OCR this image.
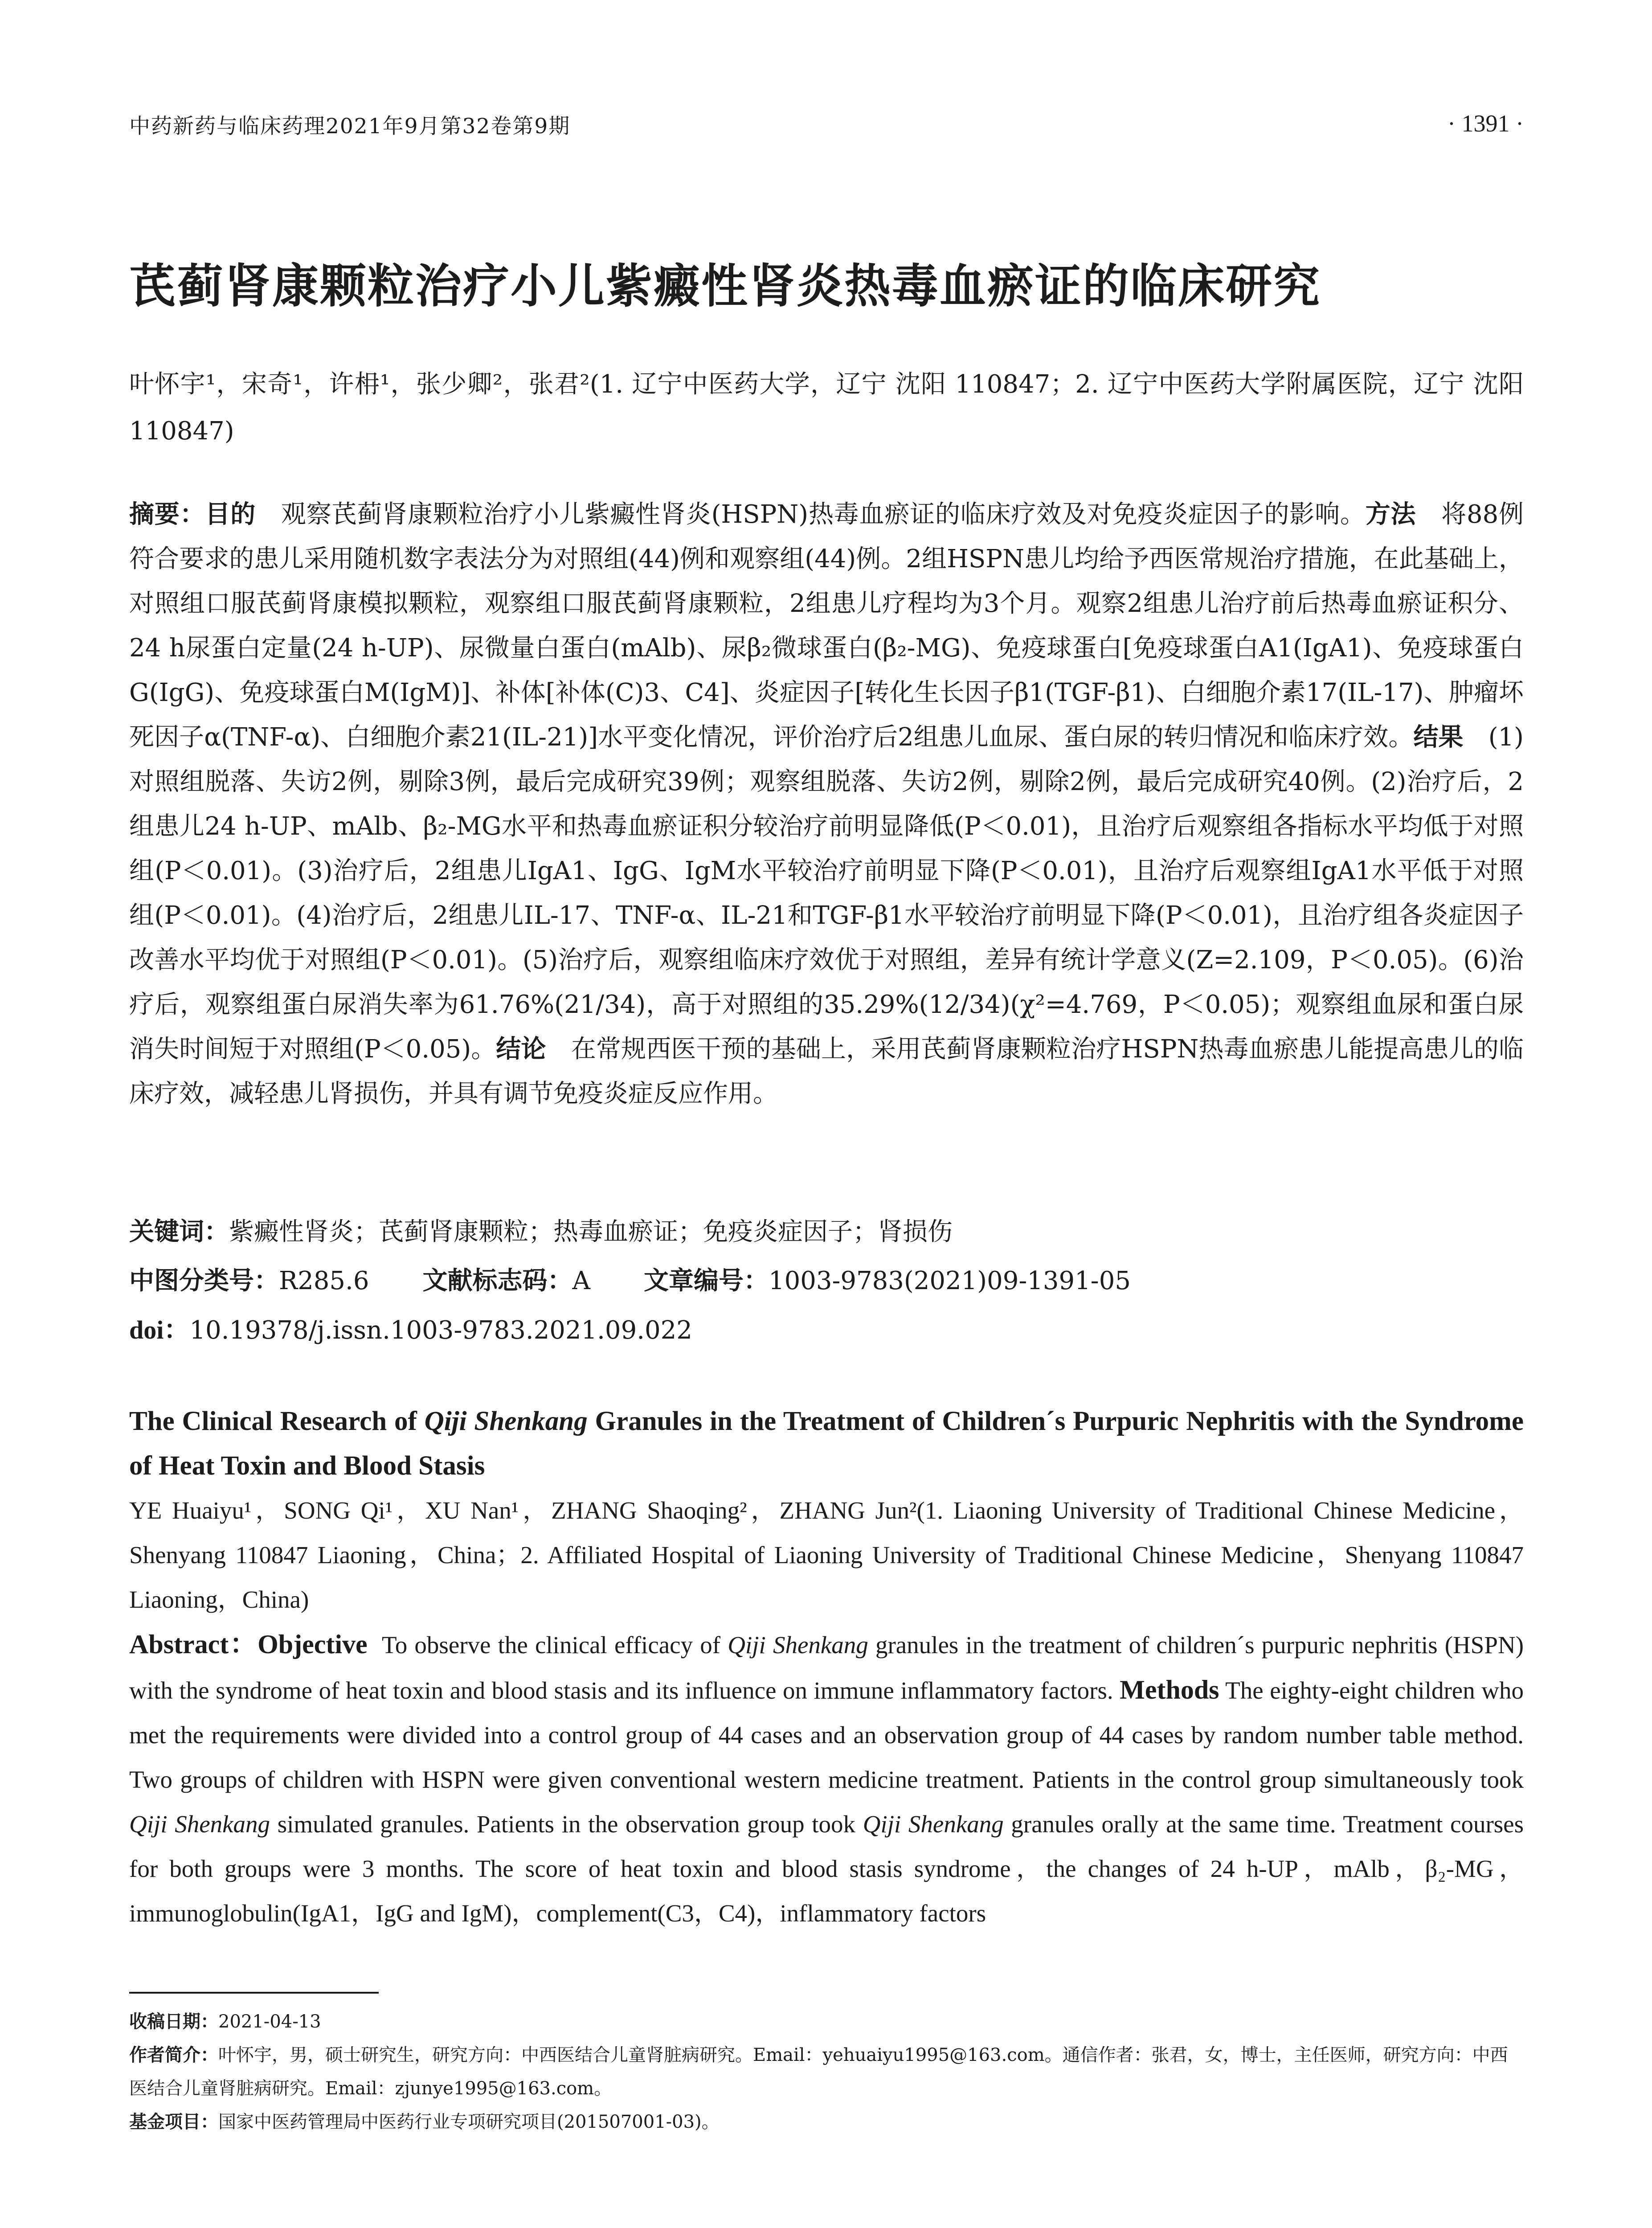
中药新药与临床药理2021年9月第32卷第9期	· 1391 ·
芪蓟肾康颗粒治疗小儿紫癜性肾炎热毒血瘀证的临床研究

叶怀宇¹，宋奇¹，许枏¹，张少卿²，张君²(1. 辽宁中医药大学，辽宁 沈阳 110847；2. 辽宁中医药大学附属医院，辽宁 沈阳 110847)

摘要：目的　 观察芪蓟肾康颗粒治疗小儿紫癜性肾炎(HSPN)热毒血瘀证的临床疗效及对免疫炎症因子的影响。方法　 将88例符合要求的患儿采用随机数字表法分为对照组(44)例和观察组(44)例。2组HSPN患儿均给予西医常规治疗措施，在此基础上，对照组口服芪蓟肾康模拟颗粒，观察组口服芪蓟肾康颗粒，2组患儿疗程均为3个月。观察2组患儿治疗前后热毒血瘀证积分、24 h尿蛋白定量(24 h-UP)、尿微量白蛋白(mAlb)、尿β₂微球蛋白(β₂-MG)、免疫球蛋白[免疫球蛋白A1(IgA1)、免疫球蛋白G(IgG)、免疫球蛋白M(IgM)]、补体[补体(C)3、C4]、炎症因子[转化生长因子β1(TGF-β1)、白细胞介素17(IL-17)、肿瘤坏死因子α(TNF-α)、白细胞介素21(IL-21)]水平变化情况，评价治疗后2组患儿血尿、蛋白尿的转归情况和临床疗效。结果　 (1)对照组脱落、失访2例，剔除3例，最后完成研究39例；观察组脱落、失访2例，剔除2例，最后完成研究40例。(2)治疗后，2组患儿24 h-UP、mAlb、β₂-MG水平和热毒血瘀证积分较治疗前明显降低(P＜0.01)，且治疗后观察组各指标水平均低于对照组(P＜0.01)。(3)治疗后，2组患儿IgA1、IgG、IgM水平较治疗前明显下降(P＜0.01)，且治疗后观察组IgA1水平低于对照组(P＜0.01)。(4)治疗后，2组患儿IL-17、TNF-α、IL-21和TGF-β1水平较治疗前明显下降(P＜0.01)，且治疗组各炎症因子改善水平均优于对照组(P＜0.01)。(5)治疗后，观察组临床疗效优于对照组，差异有统计学意义(Z=2.109，P＜0.05)。(6)治疗后，观察组蛋白尿消失率为61.76%(21/34)，高于对照组的35.29%(12/34)(χ²=4.769，P＜0.05)；观察组血尿和蛋白尿消失时间短于对照组(P＜0.05)。结论　 在常规西医干预的基础上，采用芪蓟肾康颗粒治疗HSPN热毒血瘀患儿能提高患儿的临床疗效，减轻患儿肾损伤，并具有调节免疫炎症反应作用。

关键词：紫癜性肾炎；芪蓟肾康颗粒；热毒血瘀证；免疫炎症因子；肾损伤

中图分类号：R285.6 文献标志码：A 文章编号：1003-9783(2021)09-1391-05

doi：10.19378/j.issn.1003-9783.2021.09.022

The Clinical Research of Qiji Shenkang Granules in the Treatment of Children´s Purpuric Nephritis with the Syndrome of Heat Toxin and Blood Stasis

YE Huaiyu¹，SONG Qi¹，XU Nan¹，ZHANG Shaoqing²，ZHANG Jun²(1. Liaoning University of Traditional Chinese Medicine，Shenyang 110847 Liaoning，China；2. Affiliated Hospital of Liaoning University of Traditional Chinese Medicine，Shenyang 110847 Liaoning，China)

Abstract：Objective To observe the clinical efficacy of Qiji Shenkang granules in the treatment of children´s purpuric nephritis (HSPN) with the syndrome of heat toxin and blood stasis and its influence on immune inflammatory factors. Methods The eighty-eight children who met the requirements were divided into a control group of 44 cases and an observation group of 44 cases by random number table method. Two groups of children with HSPN were given conventional western medicine treatment. Patients in the control group simultaneously took Qiji Shenkang simulated granules. Patients in the observation group took Qiji Shenkang granules orally at the same time. Treatment courses for both groups were 3 months. The score of heat toxin and blood stasis syndrome，the changes of 24 h-UP，mAlb，β₂-MG，immunoglobulin(IgA1，IgG and IgM)，complement(C3，C4)，inflammatory factors

收稿日期：2021-04-13
作者简介：叶怀宇，男，硕士研究生，研究方向：中西医结合儿童肾脏病研究。Email：yehuaiyu1995@163.com。通信作者：张君，女，博士，主任医师，研究方向：中西医结合儿童肾脏病研究。Email：zjunye1995@163.com。
基金项目：国家中医药管理局中医药行业专项研究项目(201507001-03)。
